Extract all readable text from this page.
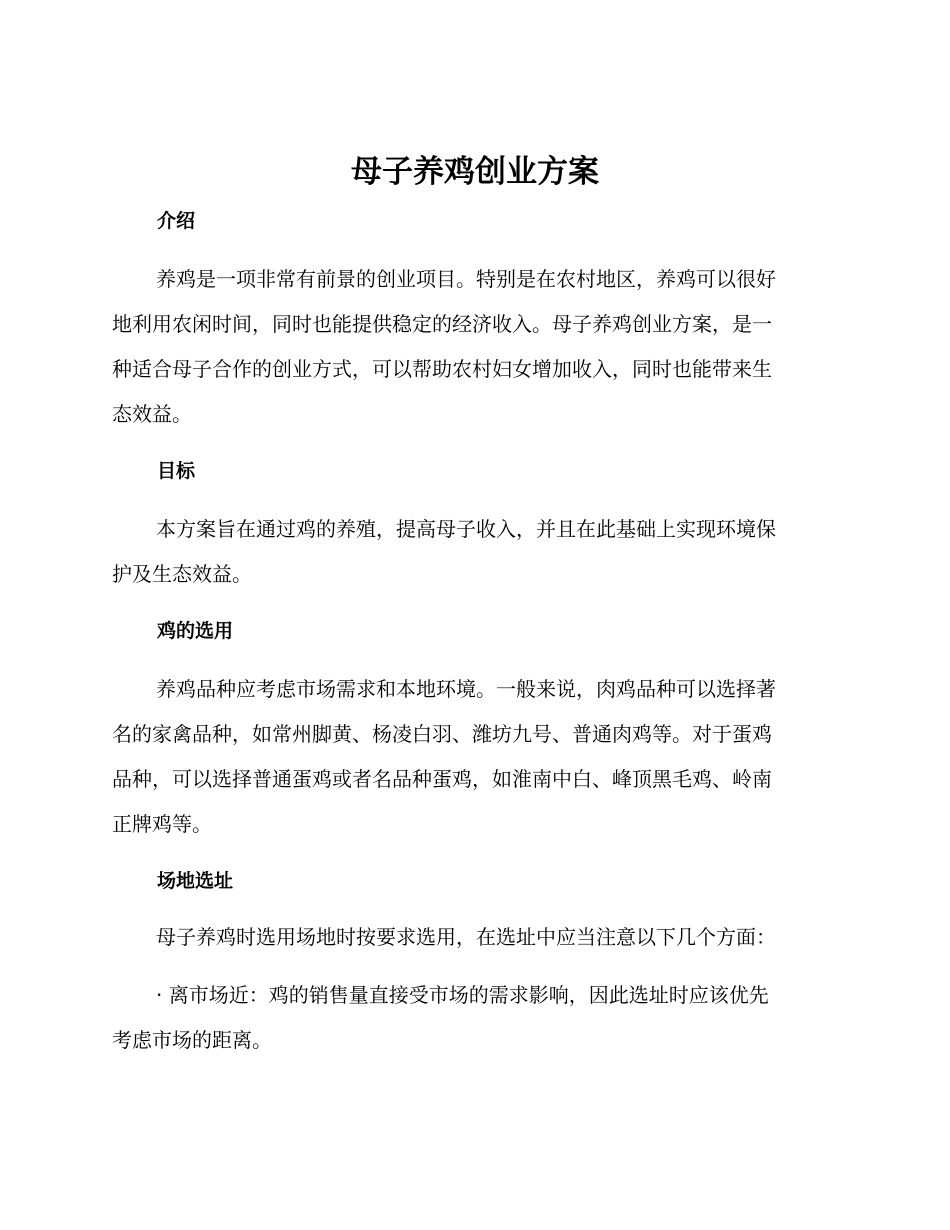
母子养鸡创业方案
介绍
养鸡是一项非常有前景的创业项目。特别是在农村地区，养鸡可以很好
地利用农闲时间，同时也能提供稳定的经济收入。母子养鸡创业方案，是一
种适合母子合作的创业方式，可以帮助农村妇女增加收入，同时也能带来生
态效益。
目标
本方案旨在通过鸡的养殖，提高母子收入，并且在此基础上实现环境保
护及生态效益。
鸡的选用
养鸡品种应考虑市场需求和本地环境。一般来说，肉鸡品种可以选择著
名的家禽品种，如常州脚黄、杨凌白羽、潍坊九号、普通肉鸡等。对于蛋鸡
品种，可以选择普通蛋鸡或者名品种蛋鸡，如淮南中白、峰顶黑毛鸡、岭南
正牌鸡等。
场地选址
母子养鸡时选用场地时按要求选用，在选址中应当注意以下几个方面：
· 离市场近：鸡的销售量直接受市场的需求影响，因此选址时应该优先
考虑市场的距离。
